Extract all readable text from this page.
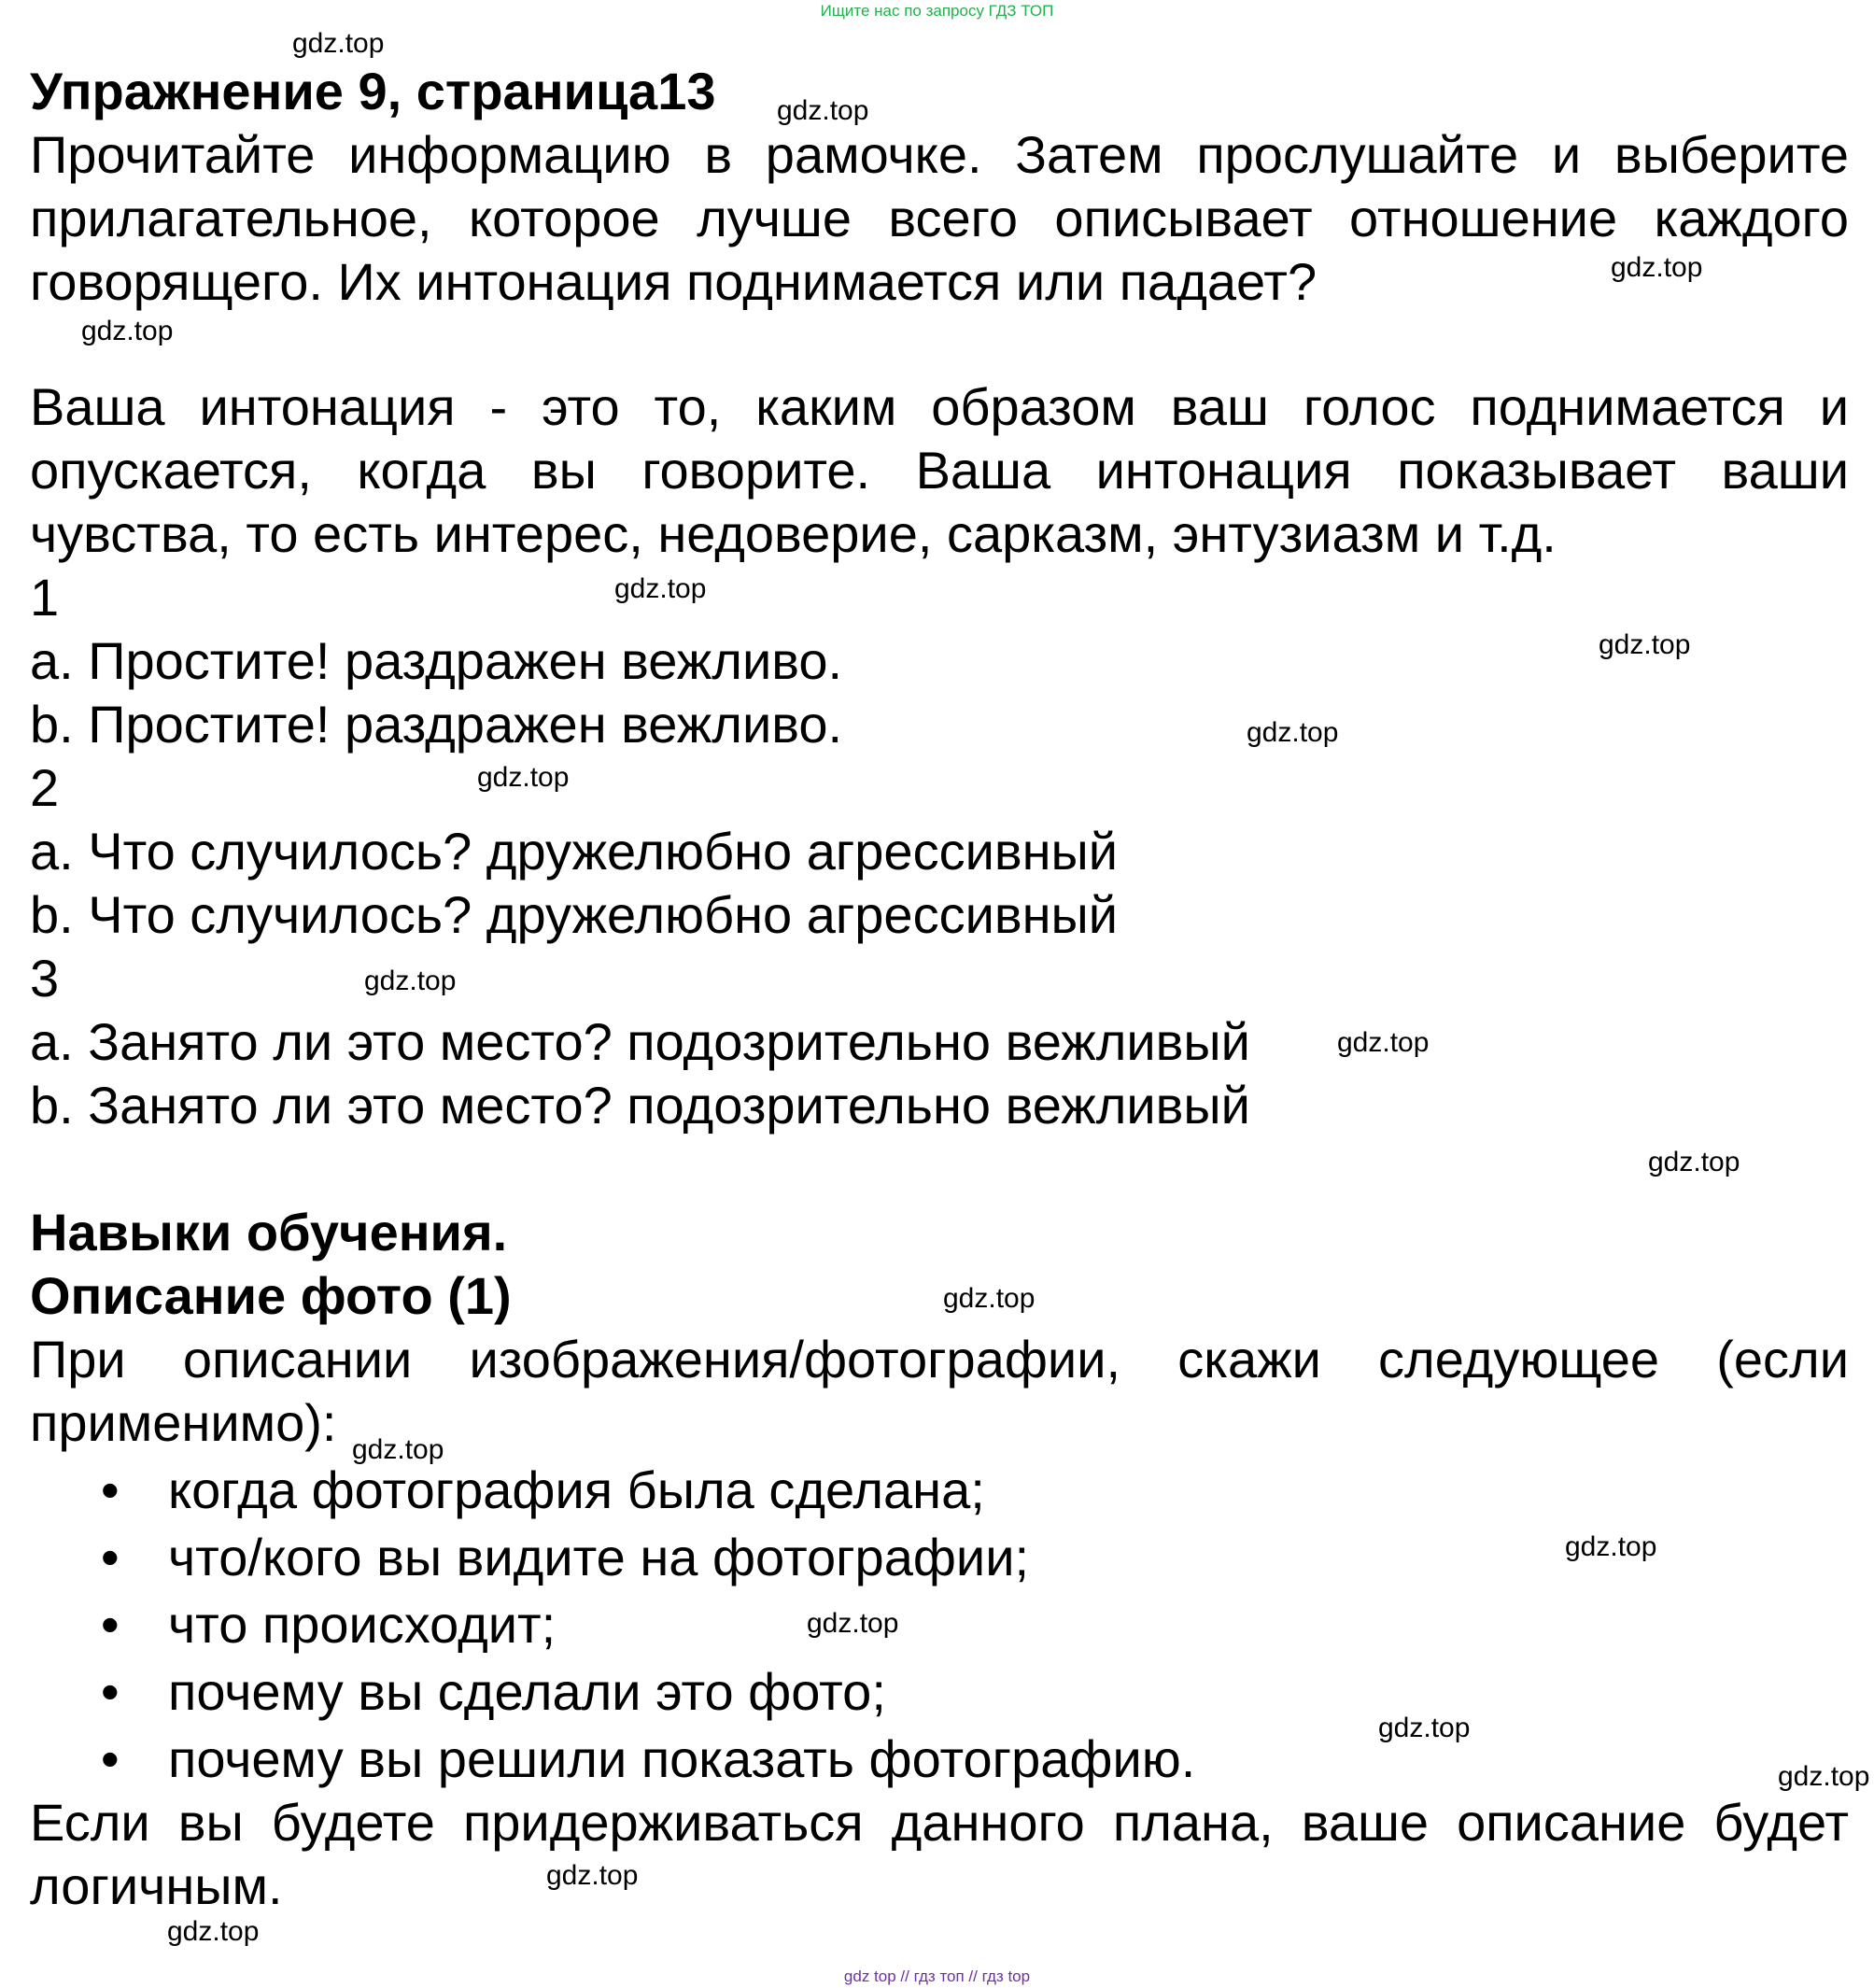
Ищите нас по запросу ГДЗ ТОП
Упражнение 9, страница13
Прочитайте информацию в рамочке. Затем прослушайте и выберите
прилагательное, которое лучше всего описывает отношение каждого
говорящего. Их интонация поднимается или падает?
Ваша интонация - это то, каким образом ваш голос поднимается и
опускается, когда вы говорите. Ваша интонация показывает ваши
чувства, то есть интерес, недоверие, сарказм, энтузиазм и т.д.
1
a. Простите! раздражен вежливо.
b. Простите! раздражен вежливо.
2
a. Что случилось? дружелюбно агрессивный
b. Что случилось? дружелюбно агрессивный
3
a. Занято ли это место? подозрительно вежливый
b. Занято ли это место? подозрительно вежливый
Навыки обучения.
Описание фото (1)
При описании изображения/фотографии, скажи следующее (если
применимо):
• когда фотография была сделана;
• что/кого вы видите на фотографии;
• что происходит;
• почему вы сделали это фото;
• почему вы решили показать фотографию.
Если вы будете придерживаться данного плана, ваше описание будет
логичным.
gdz.top
gdz.top
gdz.top
gdz.top
gdz.top
gdz.top
gdz.top
gdz.top
gdz.top
gdz.top
gdz.top
gdz.top
gdz.top
gdz.top
gdz.top
gdz.top
gdz.top
gdz.top
gdz.top
gdz top // гдз топ // гдз top
